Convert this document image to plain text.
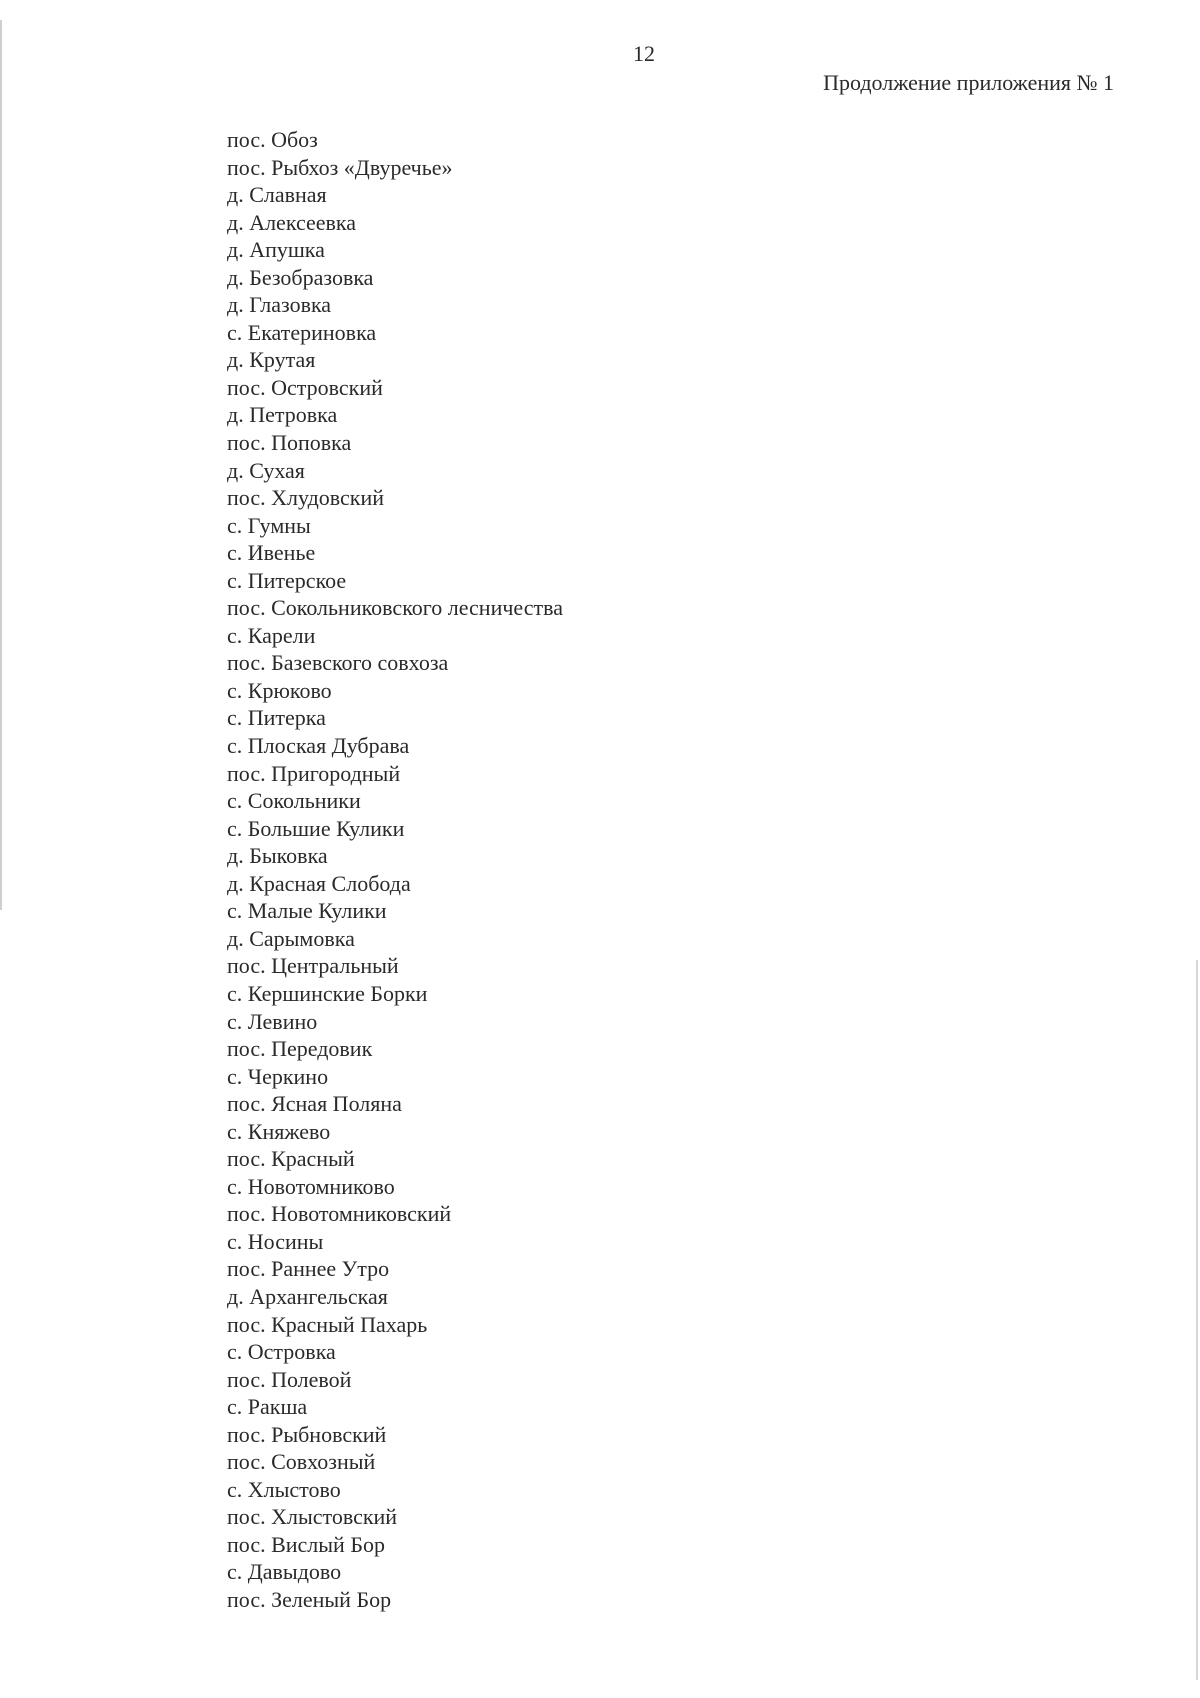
12
Продолжение приложения № 1
пос. Обоз
пос. Рыбхоз «Двуречье»
д. Славная
д. Алексеевка
д. Апушка
д. Безобразовка
д. Глазовка
с. Екатериновка
д. Крутая
пос. Островский
д. Петровка
пос. Поповка
д. Сухая
пос. Хлудовский
с. Гумны
с. Ивенье
с. Питерское
пос. Сокольниковского лесничества
с. Карели
пос. Базевского совхоза
с. Крюково
с. Питерка
с. Плоская Дубрава
пос. Пригородный
с. Сокольники
с. Большие Кулики
д. Быковка
д. Красная Слобода
с. Малые Кулики
д. Сарымовка
пос. Центральный
с. Кершинские Борки
с. Левино
пос. Передовик
с. Черкино
пос. Ясная Поляна
с. Княжево
пос. Красный
с. Новотомниково
пос. Новотомниковский
с. Носины
пос. Раннее Утро
д. Архангельская
пос. Красный Пахарь
с. Островка
пос. Полевой
с. Ракша
пос. Рыбновский
пос. Совхозный
с. Хлыстово
пос. Хлыстовский
пос. Вислый Бор
с. Давыдово
пос. Зеленый Бор
